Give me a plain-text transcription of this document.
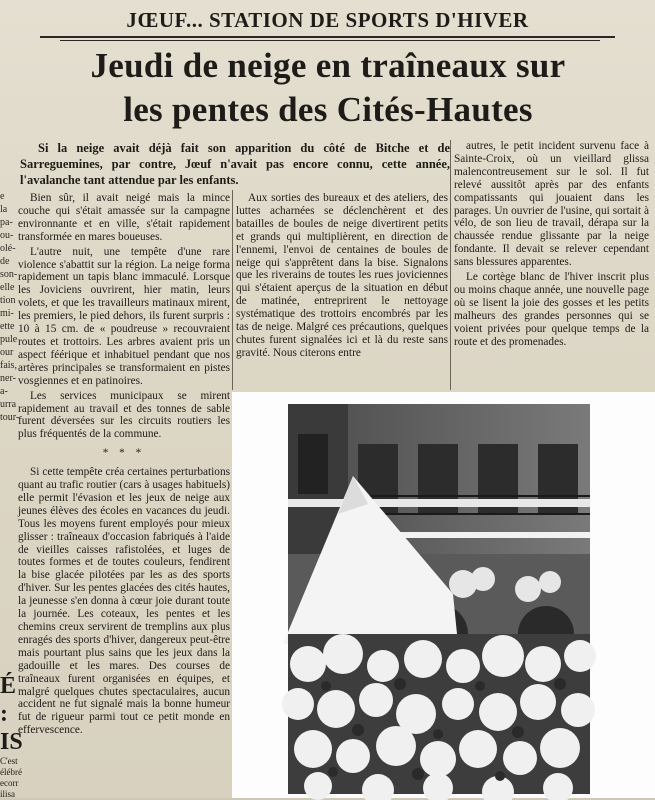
JŒUF... STATION DE SPORTS D'HIVER
Jeudi de neige en traîneaux sur
les pentes des Cités-Hautes
Si la neige avait déjà fait son apparition du côté de Bitche et de Sarreguemines, par contre, Jœuf n'avait pas encore connu, cette année, l'avalanche tant attendue par les enfants.
e
la
pa-
ou-
olé-
de
son-
elle
tion
mi-
ette
pule
our
fais,
ner-
a-
urra
tour-
É :
IS
C'est
élébré
ecorr
ilisa

Bien sûr, il avait neigé mais la mince couche qui s'était amassée sur la campagne environnante et en ville, s'était rapidement transformée en mares boueuses.

L'autre nuit, une tempête d'une rare violence s'abattit sur la région. La neige forma rapidement un tapis blanc immaculé. Lorsque les Joviciens ouvrirent, hier matin, leurs volets, et que les travailleurs matinaux mirent, les premiers, le pied dehors, ils furent surpris : 10 à 15 cm. de « poudreuse » recouvraient routes et trottoirs. Les arbres avaient pris un aspect féérique et inhabituel pendant que nos artères principales se transformaient en pistes vosgiennes et en patinoires.

Les services municipaux se mirent rapidement au travail et des tonnes de sable furent déversées sur les circuits routiers les plus fréquentés de la commune.

* * *

Si cette tempête créa certaines perturbations quant au trafic routier (cars à usages habituels) elle permit l'évasion et les jeux de neige aux jeunes élèves des écoles en vacances du jeudi. Tous les moyens furent employés pour mieux glisser : traîneaux d'occasion fabriqués à l'aide de vieilles caisses rafistolées, et luges de toutes formes et de toutes couleurs, fendirent la bise glacée pilotées par les as des sports d'hiver. Sur les pentes glacées des cités hautes, la jeunesse s'en donna à cœur joie durant toute la journée. Les coteaux, les pentes et les chemins creux servirent de tremplins aux plus enragés des sports d'hiver, dangereux peut-être mais pourtant plus sains que les jeux dans la gadouille et les mares. Des courses de traîneaux furent organisées en équipes, et malgré quelques chutes spectaculaires, aucun accident ne fut signalé mais la bonne humeur fut de rigueur parmi tout ce petit monde en effervescence.

Aux sorties des bureaux et des ateliers, des luttes acharnées se déclenchèrent et des batailles de boules de neige divertirent petits et grands qui multiplièrent, en direction de l'ennemi, l'envoi de centaines de boules de neige qui s'apprêtent dans la bise. Signalons que les riverains de toutes les rues joviciennes qui s'étaient aperçus de la situation en début de matinée, entreprirent le nettoyage systématique des trottoirs encombrés par les tas de neige. Malgré ces précautions, quelques chutes furent signalées ici et là du reste sans gravité. Nous citerons entre

autres, le petit incident survenu face à Sainte-Croix, où un vieillard glissa malencontreusement sur le sol. Il fut relevé aussitôt après par des enfants compatissants qui jouaient dans les parages. Un ouvrier de l'usine, qui sortait à vélo, de son lieu de travail, dérapa sur la chaussée rendue glissante par la neige fondante. Il devait se relever cependant sans blessures apparentes.

Le cortège blanc de l'hiver inscrit plus ou moins chaque année, une nouvelle page où se lisent la joie des gosses et les petits malheurs des grandes personnes qui se voient privées pour quelque temps de la route et des promenades.
